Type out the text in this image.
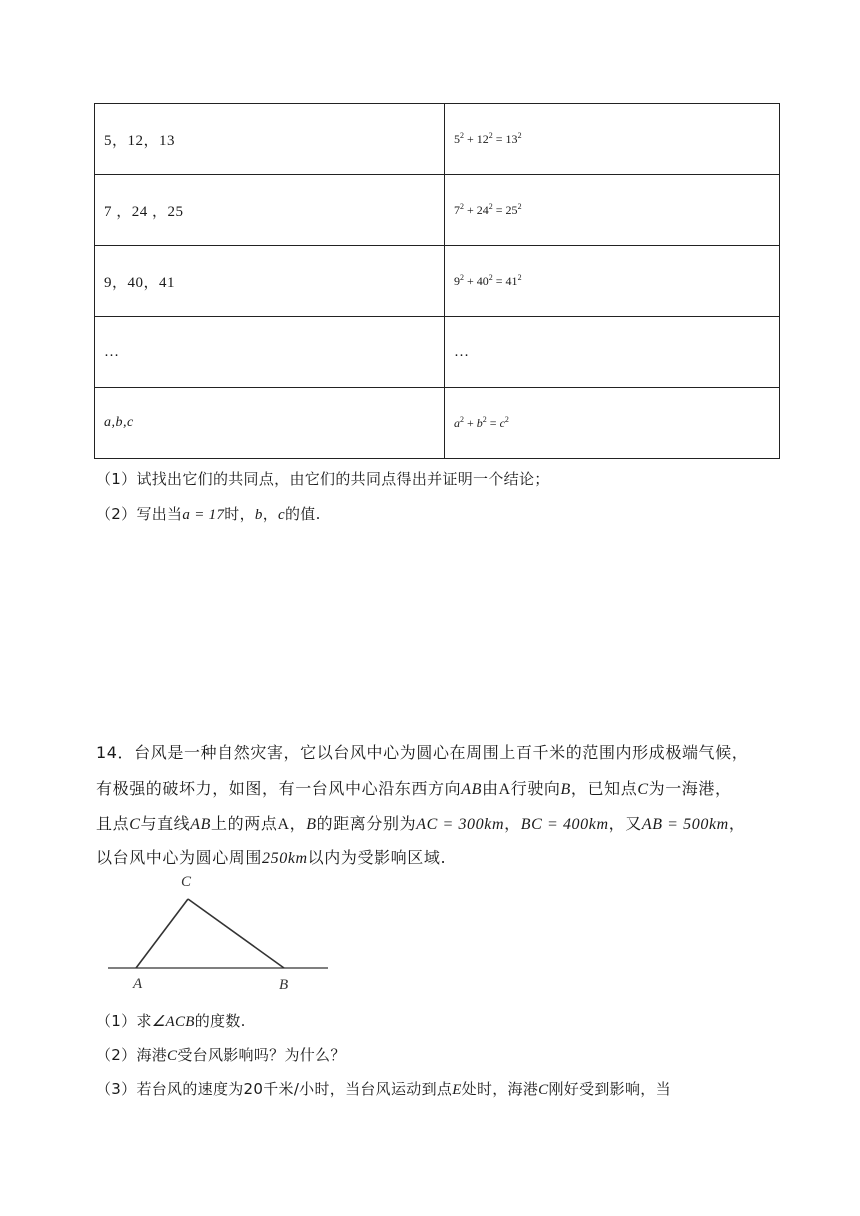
5，12，13	$5^2 + 12^2 = 13^2$
7 ，24 ，25	$7^2 + 24^2 = 25^2$
9，40，41	$9^2 + 40^2 = 41^2$
…	…
a,b,c	$a^2 + b^2 = c^2$
（1）试找出它们的共同点，由它们的共同点得出并证明一个结论；
（2）写出当a = 17时，b，c的值.
14．台风是一种自然灾害，它以台风中心为圆心在周围上百千米的范围内形成极端气候，
有极强的破坏力，如图，有一台风中心沿东西方向AB由A行驶向B，已知点C为一海港，
且点C与直线AB上的两点A，B的距离分别为AC = 300km，BC = 400km，又AB = 500km，
以台风中心为圆心周围250km以内为受影响区域.
C
A	B
（1）求∠ACB的度数.
（2）海港C受台风影响吗？为什么？
（3）若台风的速度为20千米/小时，当台风运动到点E处时，海港C刚好受到影响，当
